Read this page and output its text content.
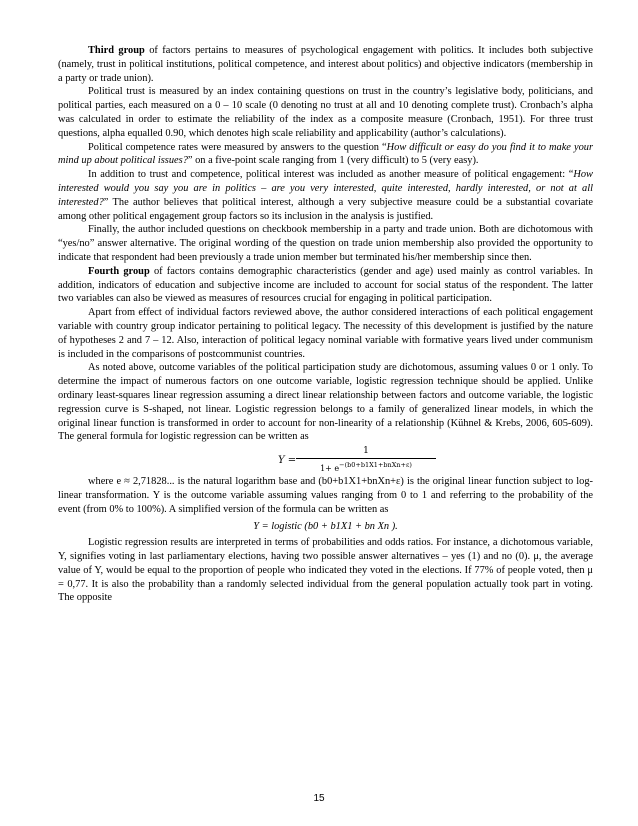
Third group of factors pertains to measures of psychological engagement with politics. It includes both subjective (namely, trust in political institutions, political competence, and interest about politics) and objective indicators (membership in a party or trade union).

Political trust is measured by an index containing questions on trust in the country’s legislative body, politicians, and political parties, each measured on a 0 – 10 scale (0 denoting no trust at all and 10 denoting complete trust). Cronbach’s alpha was calculated in order to estimate the reliability of the index as a composite measure (Cronbach, 1951). For three trust questions, alpha equalled 0.90, which denotes high scale reliability and applicability (author’s calculations).

Political competence rates were measured by answers to the question “How difficult or easy do you find it to make your mind up about political issues?” on a five-point scale ranging from 1 (very difficult) to 5 (very easy).

In addition to trust and competence, political interest was included as another measure of political engagement: “How interested would you say you are in politics – are you very interested, quite interested, hardly interested, or not at all interested?” The author believes that political interest, although a very subjective measure could be a substantial covariate among other political engagement group factors so its inclusion in the analysis is justified.

Finally, the author included questions on checkbook membership in a party and trade union. Both are dichotomous with “yes/no” answer alternative. The original wording of the question on trade union membership also provided the opportunity to indicate that respondent had been previously a trade union member but terminated his/her membership since then.

Fourth group of factors contains demographic characteristics (gender and age) used mainly as control variables. In addition, indicators of education and subjective income are included to account for social status of the respondent. The latter two variables can also be viewed as measures of resources crucial for engaging in political participation.

Apart from effect of individual factors reviewed above, the author considered interactions of each political engagement variable with country group indicator pertaining to political legacy. The necessity of this development is justified by the nature of hypotheses 2 and 7 – 12. Also, interaction of political legacy nominal variable with formative years lived under communism is included in the comparisons of postcommunist countries.

As noted above, outcome variables of the political participation study are dichotomous, assuming values 0 or 1 only. To determine the impact of numerous factors on one outcome variable, logistic regression technique should be applied. Unlike ordinary least-squares linear regression assuming a direct linear relationship between factors and outcome variable, the logistic regression curve is S-shaped, not linear. Logistic regression belongs to a family of generalized linear models, in which the original linear function is transformed in order to account for non-linearity of a relationship (Kühnel & Krebs, 2006, 605-609). The general formula for logistic regression can be written as

Y =
1
$1+ e^{-(b0+b1X1+bnXn+\varepsilon)}$

where e ≈ 2,71828... is the natural logarithm base and (b0+b1X1+bnXn+ε) is the original linear function subject to log-linear transformation. Y is the outcome variable assuming values ranging from 0 to 1 and referring to the probability of the event (from 0% to 100%). A simplified version of the formula can be written as

Y = logistic (b0 + b1X1 + bn Xn ).

Logistic regression results are interpreted in terms of probabilities and odds ratios. For instance, a dichotomous variable, Y, signifies voting in last parliamentary elections, having two possible answer alternatives – yes (1) and no (0). μ, the average value of Y, would be equal to the proportion of people who indicated they voted in the elections. If 77% of people voted, then μ = 0,77. It is also the probability than a randomly selected individual from the general population actually took part in voting. The opposite

15
